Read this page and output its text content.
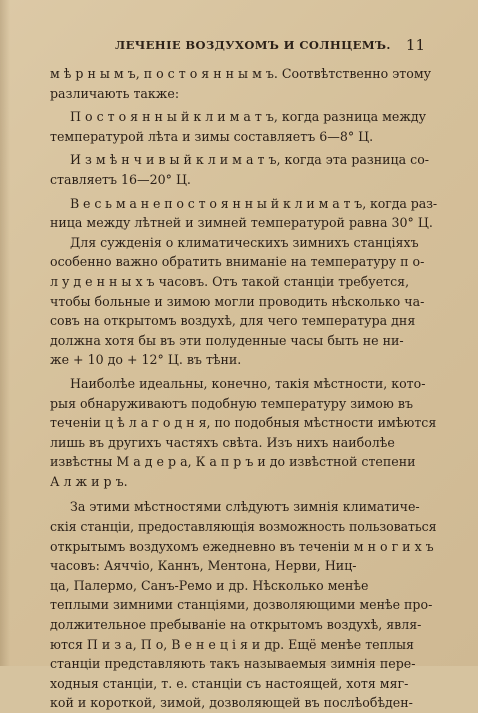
ЛЕЧЕНІЕ ВОЗДУХОМЪ И СОЛНЦЕМЪ. 11
м ѣ р н ы м ъ, п о с т о я н н ы м ъ. Соотвѣтственно этому
различають также:
П о с т о я н н ы й к л и м а т ъ, когда разница между
температурой лѣта и зимы составляетъ 6—8° Ц.
И з м ѣ н ч и в ы й к л и м а т ъ, когда эта разница со-
ставляетъ 16—20° Ц.
В е с ь м а н е п о с т о я н н ы й к л и м а т ъ, когда раз-
ница между лѣтней и зимней температурой равна 30° Ц.
Для сужденія о климатическихъ зимнихъ станціяхъ
особенно важно обратить вниманіе на температуру п о-
л у д е н н ы х ъ часовъ. Отъ такой станціи требуется,
чтобы больные и зимою могли проводить нѣсколько ча-
совъ на открытомъ воздухѣ, для чего температура дня
должна хотя бы въ эти полуденные часы быть не ни-
же + 10 до + 12° Ц. въ тѣни.
Наиболѣе идеальны, конечно, такія мѣстности, кото-
рыя обнаруживаютъ подобную температуру зимою въ
теченіи ц ѣ л а г о д н я, по подобныя мѣстности имѣются
лишь въ другихъ частяхъ свѣта. Изъ нихъ наиболѣе
извѣстны М а д е р а, К а п р ъ и до извѣстной степени
А л ж и р ъ.
За этими мѣстностями слѣдуютъ зимнія климатиче-
скія станціи, предоставляющія возможность пользоваться
открытымъ воздухомъ ежедневно въ теченіи м н о г и х ъ
часовъ: Аяччіо, Каннъ, Ментона, Нерви, Ниц-
ца, Палермо, Санъ-Ремо и др. Нѣсколько менѣе
теплыми зимними станціями, дозволяющими менѣе про-
должительное пребываніе на открытомъ воздухѣ, явля-
ются П и з а, П о, В е н е ц і я и др. Ещё менѣе теплыя
станціи представляють такъ называемыя зимнія пере-
ходныя станціи, т. е. станціи съ настоящей, хотя мяг-
кой и короткой, зимой, дозволяющей въ послѣобѣден-
